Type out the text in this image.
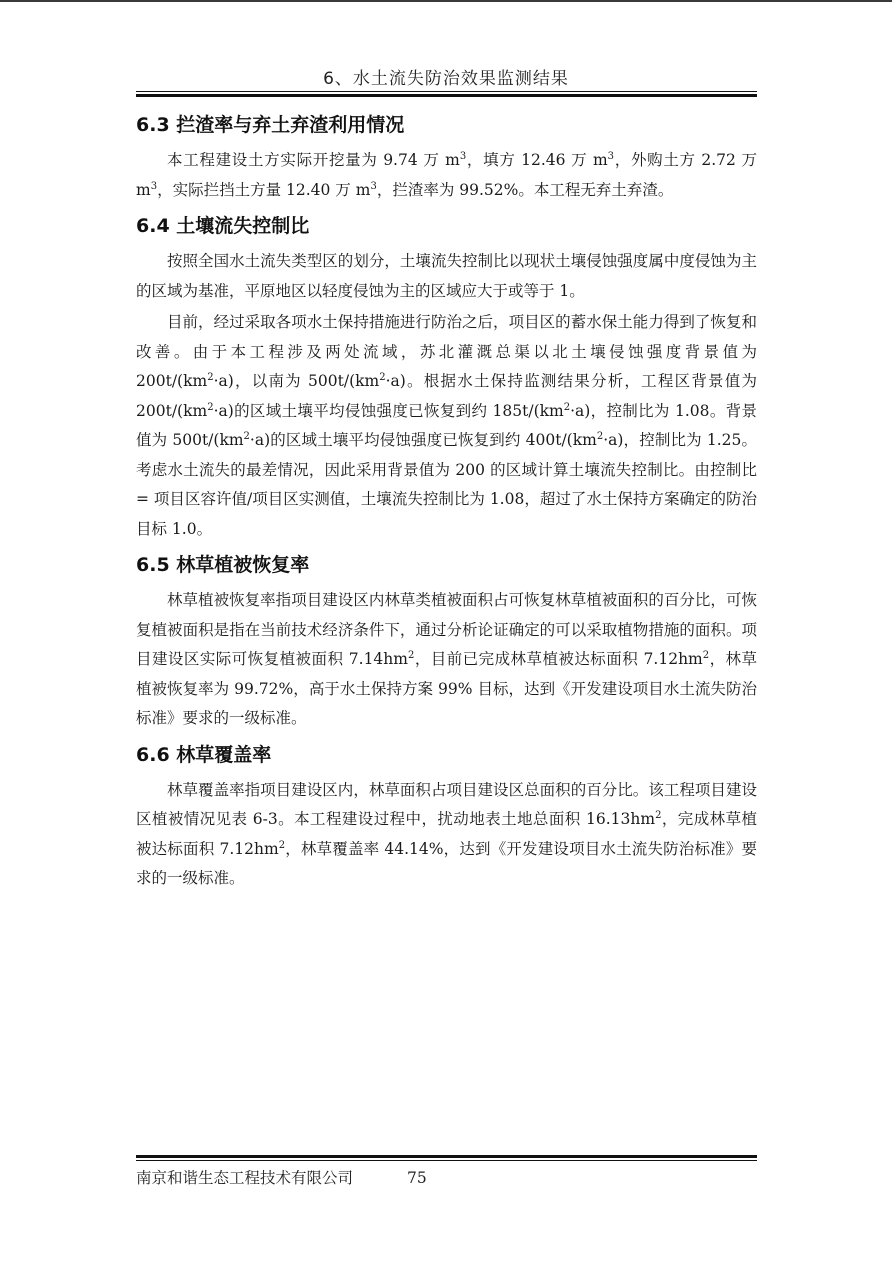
6、水土流失防治效果监测结果
6.3 拦渣率与弃土弃渣利用情况

本工程建设土方实际开挖量为 9.74 万 $m^3$，填方 12.46 万 $m^3$，外购土方 2.72 万 $m^3$，实际拦挡土方量 12.40 万 $m^3$，拦渣率为 99.52%。本工程无弃土弃渣。

6.4 土壤流失控制比

按照全国水土流失类型区的划分，土壤流失控制比以现状土壤侵蚀强度属中度侵蚀为主的区域为基准，平原地区以轻度侵蚀为主的区域应大于或等于 1。

目前，经过采取各项水土保持措施进行防治之后，项目区的蓄水保土能力得到了恢复和改善。由于本工程涉及两处流域，苏北灌溉总渠以北土壤侵蚀强度背景值为 $200t/(km^2\cdot a)$，以南为 $500t/(km^2\cdot a)$。根据水土保持监测结果分析，工程区背景值为 $200t/(km^2\cdot a)$的区域土壤平均侵蚀强度已恢复到约 $185t/(km^2\cdot a)$，控制比为 1.08。背景值为 $500t/(km^2\cdot a)$的区域土壤平均侵蚀强度已恢复到约 $400t/(km^2\cdot a)$，控制比为 1.25。考虑水土流失的最差情况，因此采用背景值为 200 的区域计算土壤流失控制比。由控制比 = 项目区容许值/项目区实测值，土壤流失控制比为 1.08，超过了水土保持方案确定的防治目标 1.0。

6.5 林草植被恢复率

林草植被恢复率指项目建设区内林草类植被面积占可恢复林草植被面积的百分比，可恢复植被面积是指在当前技术经济条件下，通过分析论证确定的可以采取植物措施的面积。项目建设区实际可恢复植被面积 $7.14hm^2$，目前已完成林草植被达标面积 $7.12hm^2$，林草植被恢复率为 99.72%，高于水土保持方案 99% 目标，达到《开发建设项目水土流失防治标准》要求的一级标准。

6.6 林草覆盖率

林草覆盖率指项目建设区内，林草面积占项目建设区总面积的百分比。该工程项目建设区植被情况见表 6-3。本工程建设过程中，扰动地表土地总面积 $16.13hm^2$，完成林草植被达标面积 $7.12hm^2$，林草覆盖率 44.14%，达到《开发建设项目水土流失防治标准》要求的一级标准。

南京和谐生态工程技术有限公司	75
